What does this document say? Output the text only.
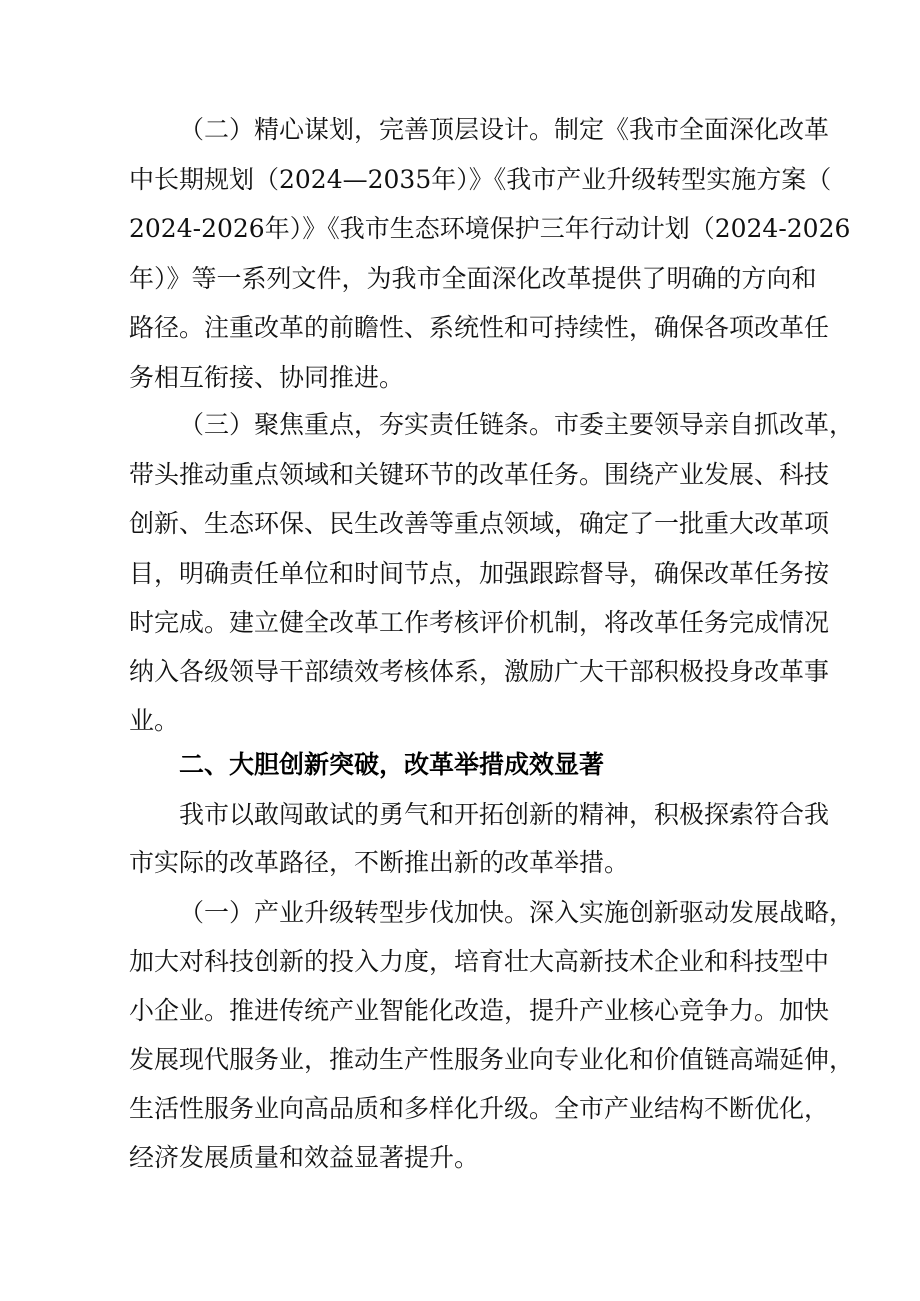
（二）精心谋划，完善顶层设计。制定《我市全面深化改革

中长期规划（2024—2035年）》《我市产业升级转型实施方案（

2024-2026年）》《我市生态环境保护三年行动计划（2024-2026

年）》等一系列文件，为我市全面深化改革提供了明确的方向和

路径。注重改革的前瞻性、系统性和可持续性，确保各项改革任

务相互衔接、协同推进。

（三）聚焦重点，夯实责任链条。市委主要领导亲自抓改革，

带头推动重点领域和关键环节的改革任务。围绕产业发展、科技

创新、生态环保、民生改善等重点领域，确定了一批重大改革项

目，明确责任单位和时间节点，加强跟踪督导，确保改革任务按

时完成。建立健全改革工作考核评价机制，将改革任务完成情况

纳入各级领导干部绩效考核体系，激励广大干部积极投身改革事

业。

二、大胆创新突破，改革举措成效显著

我市以敢闯敢试的勇气和开拓创新的精神，积极探索符合我

市实际的改革路径，不断推出新的改革举措。

（一）产业升级转型步伐加快。深入实施创新驱动发展战略，

加大对科技创新的投入力度，培育壮大高新技术企业和科技型中

小企业。推进传统产业智能化改造，提升产业核心竞争力。加快

发展现代服务业，推动生产性服务业向专业化和价值链高端延伸，

生活性服务业向高品质和多样化升级。全市产业结构不断优化，

经济发展质量和效益显著提升。
